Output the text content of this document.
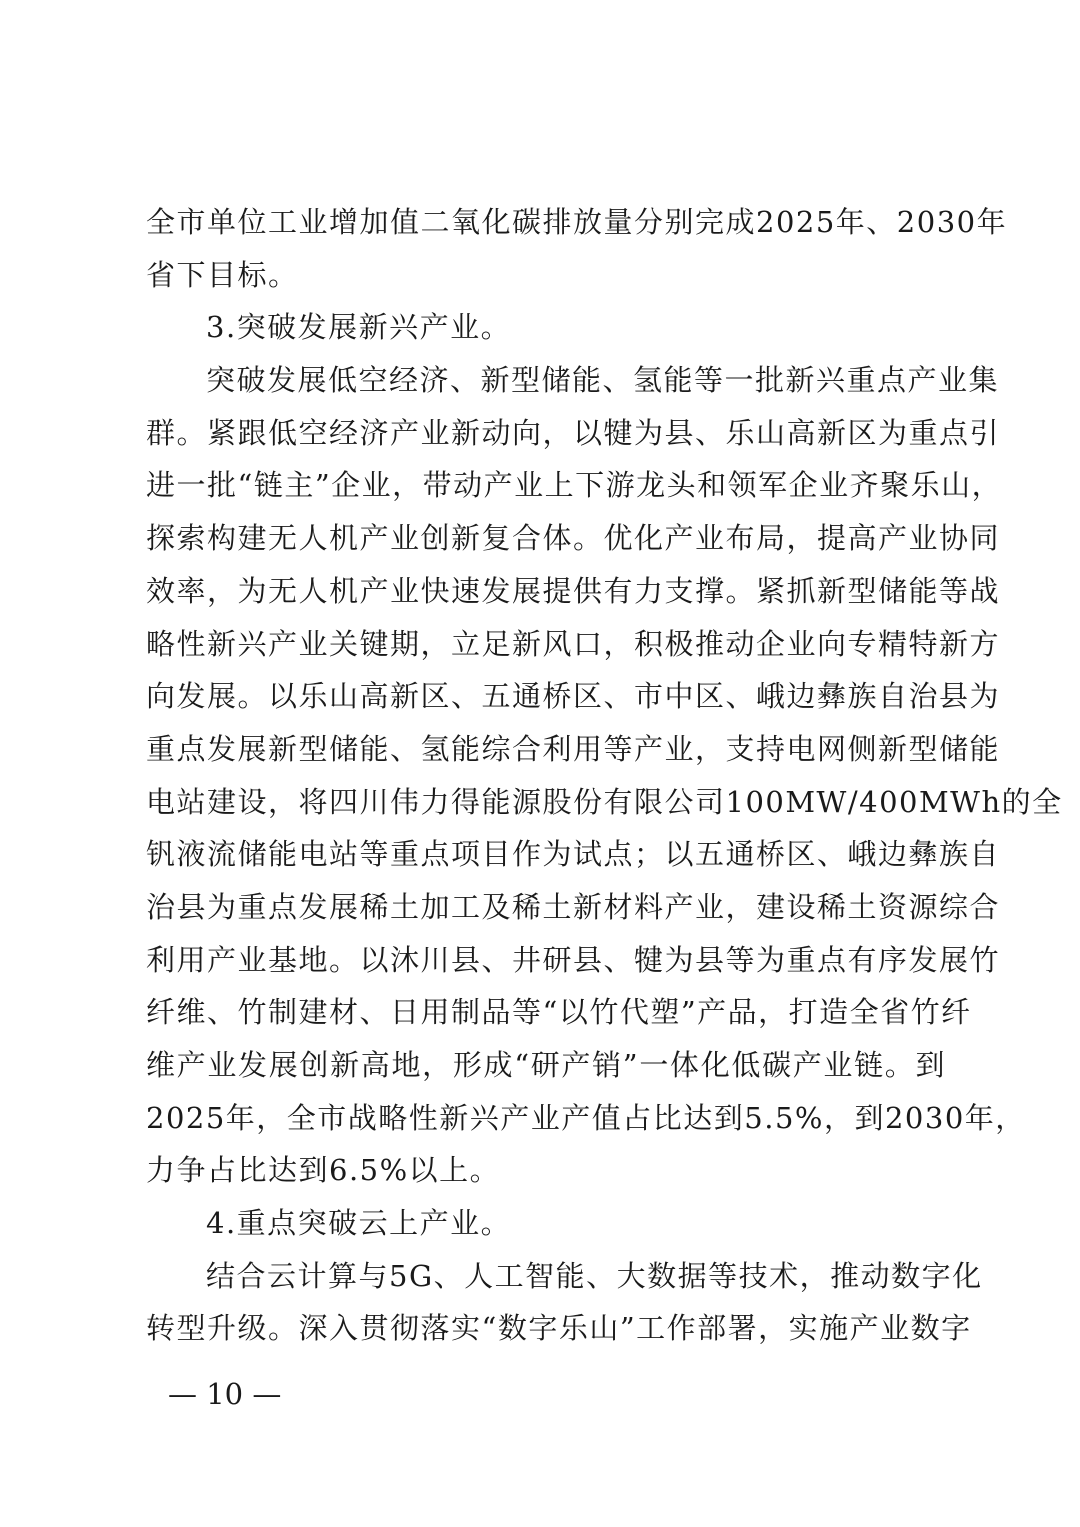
全市单位工业增加值二氧化碳排放量分别完成2025年、2030年
省下目标。
3.突破发展新兴产业。
突破发展低空经济、新型储能、氢能等一批新兴重点产业集
群。紧跟低空经济产业新动向，以犍为县、乐山高新区为重点引
进一批“链主”企业，带动产业上下游龙头和领军企业齐聚乐山，
探索构建无人机产业创新复合体。优化产业布局，提高产业协同
效率，为无人机产业快速发展提供有力支撑。紧抓新型储能等战
略性新兴产业关键期，立足新风口，积极推动企业向专精特新方
向发展。以乐山高新区、五通桥区、市中区、峨边彝族自治县为
重点发展新型储能、氢能综合利用等产业，支持电网侧新型储能
电站建设，将四川伟力得能源股份有限公司100MW/400MWh的全
钒液流储能电站等重点项目作为试点；以五通桥区、峨边彝族自
治县为重点发展稀土加工及稀土新材料产业，建设稀土资源综合
利用产业基地。以沐川县、井研县、犍为县等为重点有序发展竹
纤维、竹制建材、日用制品等“以竹代塑”产品，打造全省竹纤
维产业发展创新高地，形成“研产销”一体化低碳产业链。到
2025年，全市战略性新兴产业产值占比达到5.5%，到2030年，
力争占比达到6.5%以上。
4.重点突破云上产业。
结合云计算与5G、人工智能、大数据等技术，推动数字化
转型升级。深入贯彻落实“数字乐山”工作部署，实施产业数字
— 10 —
